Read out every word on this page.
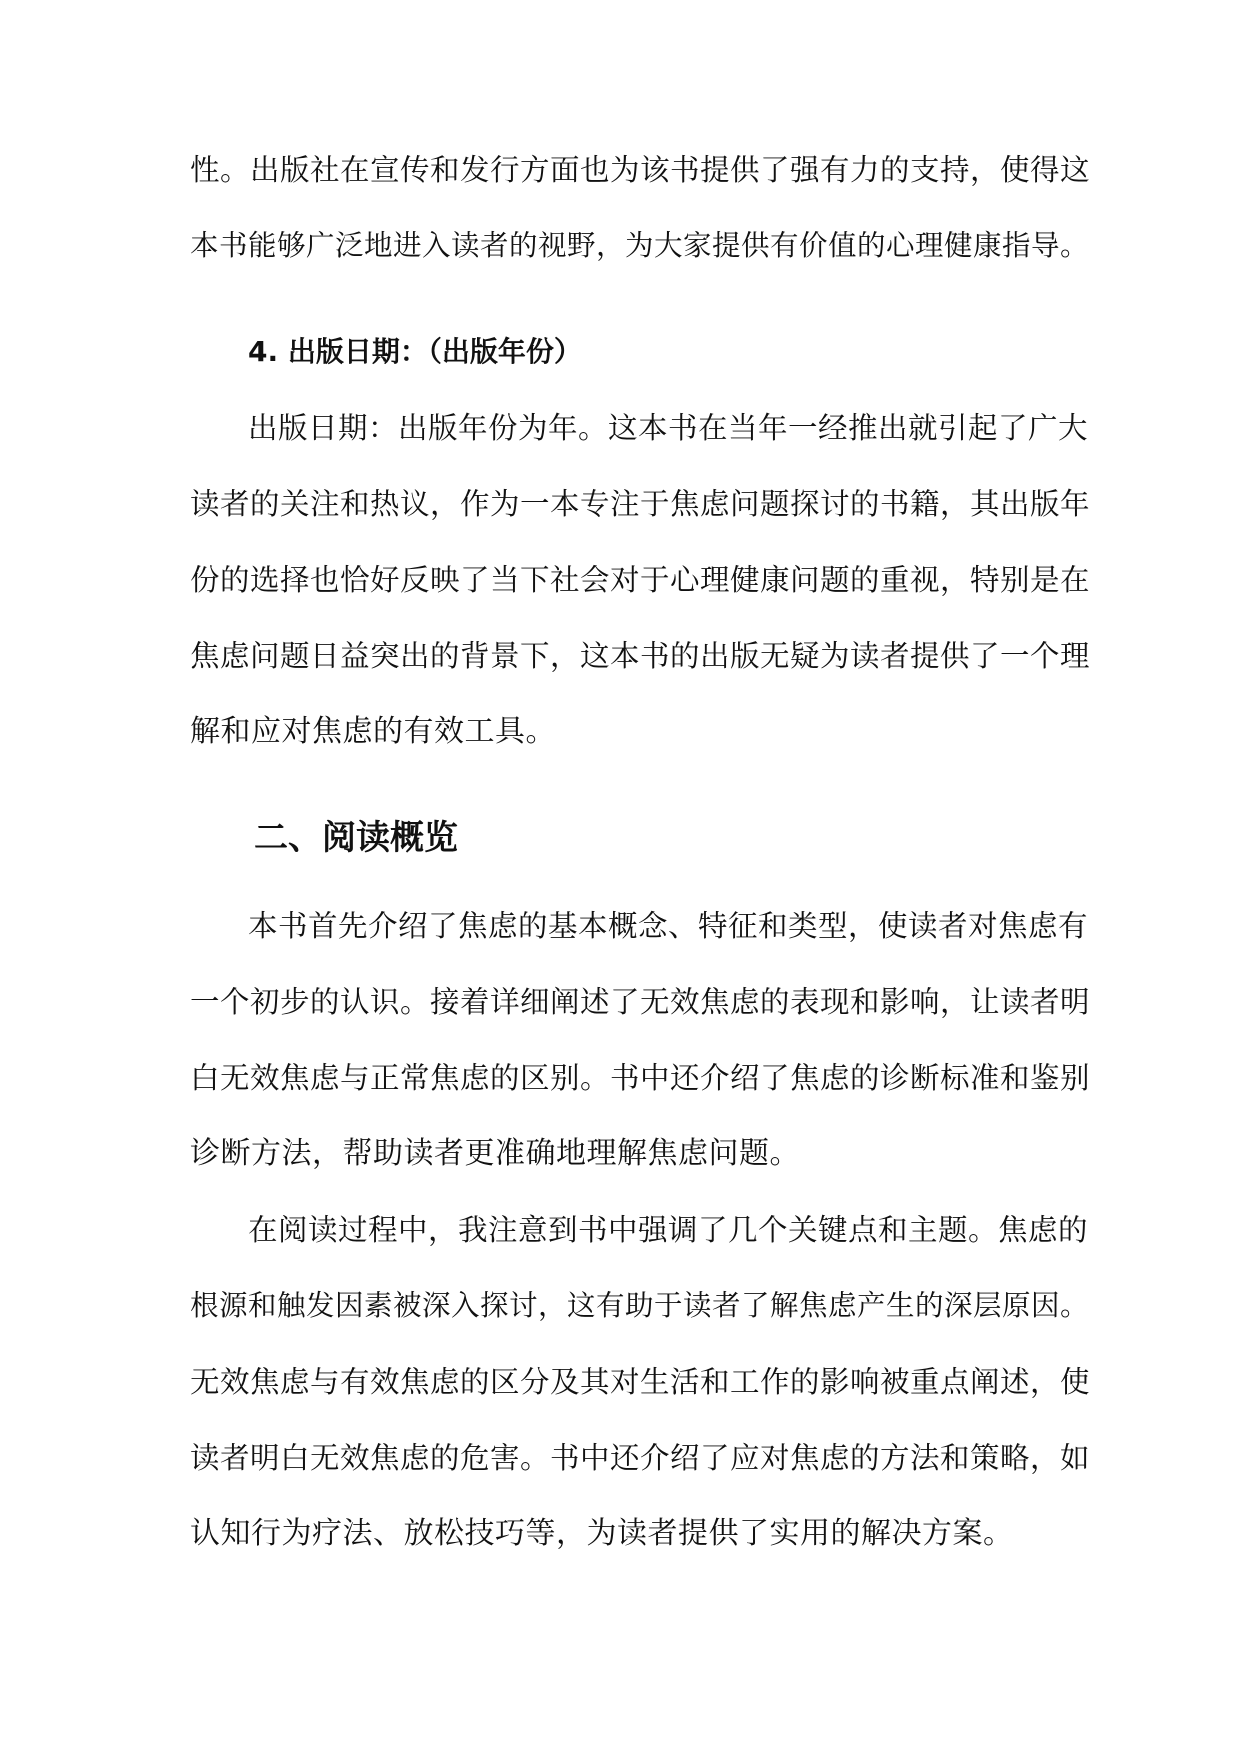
性。出版社在宣传和发行方面也为该书提供了强有力的支持，使得这
本书能够广泛地进入读者的视野，为大家提供有价值的心理健康指导。
4. 出版日期：（出版年份）
出版日期：出版年份为年。这本书在当年一经推出就引起了广大
读者的关注和热议，作为一本专注于焦虑问题探讨的书籍，其出版年
份的选择也恰好反映了当下社会对于心理健康问题的重视，特别是在
焦虑问题日益突出的背景下，这本书的出版无疑为读者提供了一个理
解和应对焦虑的有效工具。
二、阅读概览
本书首先介绍了焦虑的基本概念、特征和类型，使读者对焦虑有
一个初步的认识。接着详细阐述了无效焦虑的表现和影响，让读者明
白无效焦虑与正常焦虑的区别。书中还介绍了焦虑的诊断标准和鉴别
诊断方法，帮助读者更准确地理解焦虑问题。
在阅读过程中，我注意到书中强调了几个关键点和主题。焦虑的
根源和触发因素被深入探讨，这有助于读者了解焦虑产生的深层原因。
无效焦虑与有效焦虑的区分及其对生活和工作的影响被重点阐述，使
读者明白无效焦虑的危害。书中还介绍了应对焦虑的方法和策略，如
认知行为疗法、放松技巧等，为读者提供了实用的解决方案。
